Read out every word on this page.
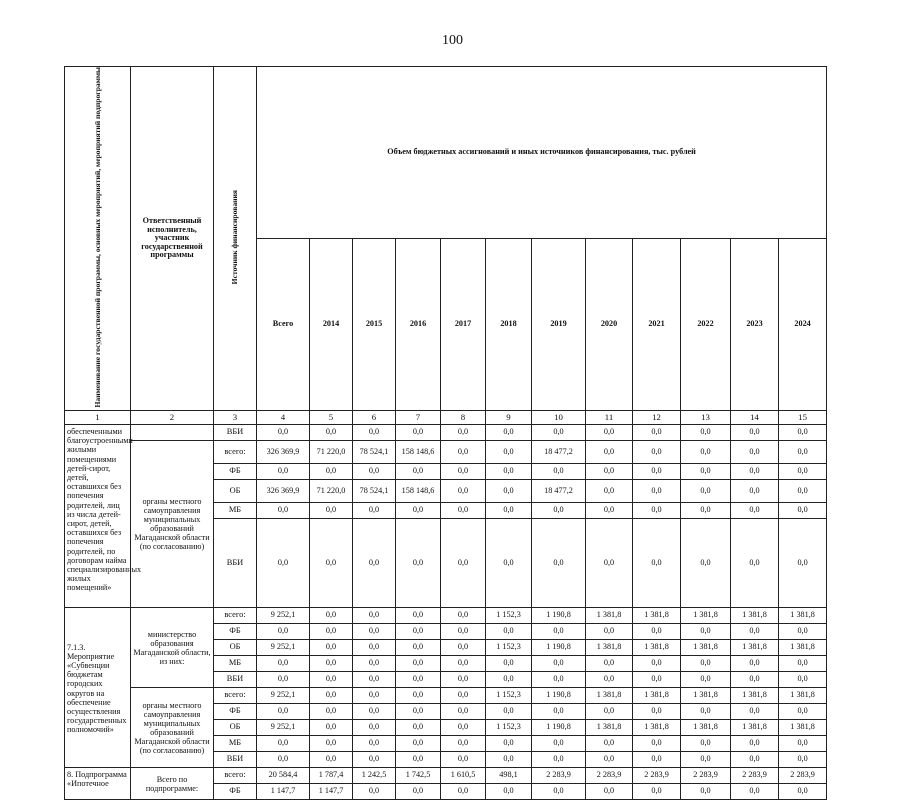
100
Наименование государственной программы, основных мероприятий, мероприятий подпрограммы	Ответственный исполнитель, участник государственной программы	Источник финансирования	Объем бюджетных ассигнований и иных источников финансирования, тыс. рублей											
			Всего	2014	2015	2016	2017	2018	2019	2020	2021	2022	2023	2024
1	2	3	4	5	6	7	8	9	10	11	12	13	14	15
обеспеченными благоустроенными жилыми помещениями детей-сирот, детей, оставшихся без попечения родителей, лиц из числа детей-сирот, детей, оставшихся без попечения родителей, по договорам найма специализированных жилых помещений»		ВБИ	0,0	0,0	0,0	0,0	0,0	0,0	0,0	0,0	0,0	0,0	0,0	0,0
	органы местного самоуправления муниципальных образований Магаданской области (по согласованию)	всего:	326 369,9	71 220,0	78 524,1	158 148,6	0,0	0,0	18 477,2	0,0	0,0	0,0	0,0	0,0
		ФБ	0,0	0,0	0,0	0,0	0,0	0,0	0,0	0,0	0,0	0,0	0,0	0,0
		ОБ	326 369,9	71 220,0	78 524,1	158 148,6	0,0	0,0	18 477,2	0,0	0,0	0,0	0,0	0,0
		МБ	0,0	0,0	0,0	0,0	0,0	0,0	0,0	0,0	0,0	0,0	0,0	0,0
		ВБИ	0,0	0,0	0,0	0,0	0,0	0,0	0,0	0,0	0,0	0,0	0,0	0,0
7.1.3. Мероприятие «Субвенции бюджетам городских округов на обеспечение осуществления государственных полномочий»	министерство образования Магаданской области, из них:	всего:	9 252,1	0,0	0,0	0,0	0,0	1 152,3	1 190,8	1 381,8	1 381,8	1 381,8	1 381,8	1 381,8
		ФБ	0,0	0,0	0,0	0,0	0,0	0,0	0,0	0,0	0,0	0,0	0,0	0,0
		ОБ	9 252,1	0,0	0,0	0,0	0,0	1 152,3	1 190,8	1 381,8	1 381,8	1 381,8	1 381,8	1 381,8
		МБ	0,0	0,0	0,0	0,0	0,0	0,0	0,0	0,0	0,0	0,0	0,0	0,0
		ВБИ	0,0	0,0	0,0	0,0	0,0	0,0	0,0	0,0	0,0	0,0	0,0	0,0
	органы местного самоуправления муниципальных образований Магаданской области (по согласованию)	всего:	9 252,1	0,0	0,0	0,0	0,0	1 152,3	1 190,8	1 381,8	1 381,8	1 381,8	1 381,8	1 381,8
		ФБ	0,0	0,0	0,0	0,0	0,0	0,0	0,0	0,0	0,0	0,0	0,0	0,0
		ОБ	9 252,1	0,0	0,0	0,0	0,0	1 152,3	1 190,8	1 381,8	1 381,8	1 381,8	1 381,8	1 381,8
		МБ	0,0	0,0	0,0	0,0	0,0	0,0	0,0	0,0	0,0	0,0	0,0	0,0
		ВБИ	0,0	0,0	0,0	0,0	0,0	0,0	0,0	0,0	0,0	0,0	0,0	0,0
8. Подпрограмма «Ипотечное	Всего по подпрограмме:	всего:	20 584,4	1 787,4	1 242,5	1 742,5	1 610,5	498,1	2 283,9	2 283,9	2 283,9	2 283,9	2 283,9	2 283,9
		ФБ	1 147,7	1 147,7	0,0	0,0	0,0	0,0	0,0	0,0	0,0	0,0	0,0	0,0
